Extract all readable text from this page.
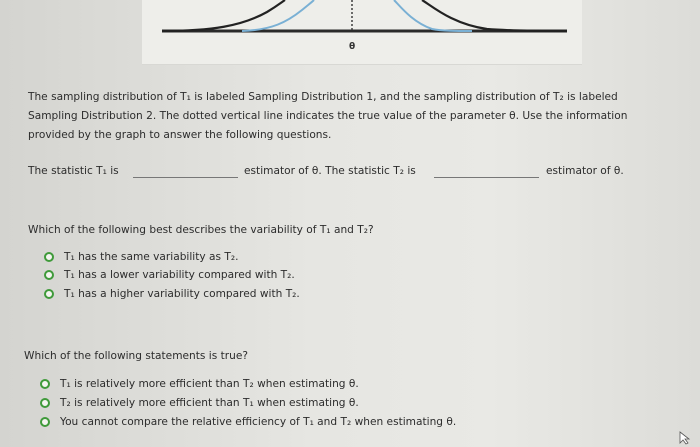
θ
The sampling distribution of T₁ is labeled Sampling Distribution 1, and the sampling distribution of T₂ is labeled
Sampling Distribution 2. The dotted vertical line indicates the true value of the parameter θ. Use the information
provided by the graph to answer the following questions.
The statistic T₁ is	estimator of θ. The statistic T₂ is	estimator of θ.
Which of the following best describes the variability of T₁ and T₂?
T₁ has the same variability as T₂.
T₁ has a lower variability compared with T₂.
T₁ has a higher variability compared with T₂.
Which of the following statements is true?
T₁ is relatively more efficient than T₂ when estimating θ.
T₂ is relatively more efficient than T₁ when estimating θ.
You cannot compare the relative efficiency of T₁ and T₂ when estimating θ.
